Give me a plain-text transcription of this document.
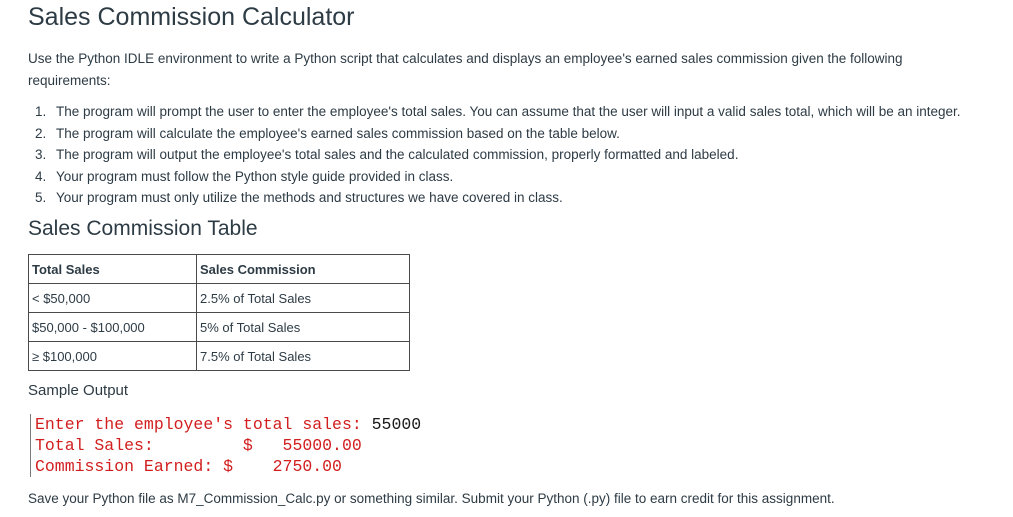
Sales Commission Calculator

Use the Python IDLE environment to write a Python script that calculates and displays an employee's earned sales commission given the following requirements:

1. The program will prompt the user to enter the employee's total sales. You can assume that the user will input a valid sales total, which will be an integer.
2. The program will calculate the employee's earned sales commission based on the table below.
3. The program will output the employee's total sales and the calculated commission, properly formatted and labeled.
4. Your program must follow the Python style guide provided in class.
5. Your program must only utilize the methods and structures we have covered in class.
Sales Commission Table
Total Sales	Sales Commission
< $50,000	2.5% of Total Sales
$50,000 - $100,000	5% of Total Sales
≥ $100,000	7.5% of Total Sales
Sample Output
Enter the employee's total sales: 55000
Total Sales:         $   55000.00
Commission Earned: $    2750.00
Save your Python file as M7_Commission_Calc.py or something similar. Submit your Python (.py) file to earn credit for this assignment.
